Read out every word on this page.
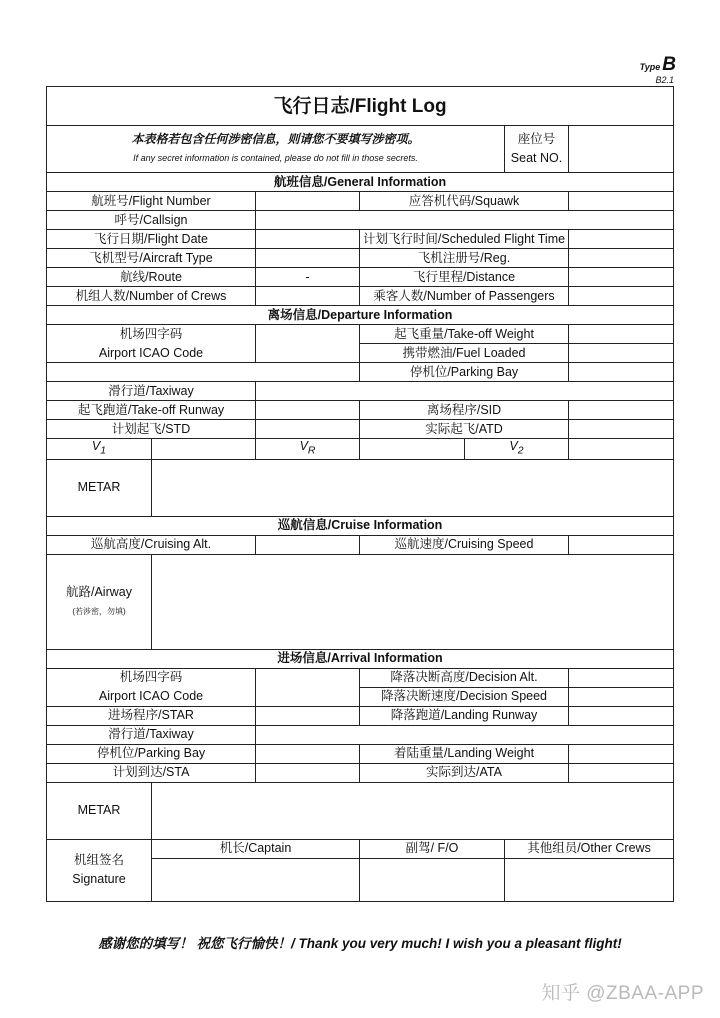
Type B
B2.1
飞行日志/Flight Log						

本表格若包含任何涉密信息，则请您不要填写涉密项。
If any secret information is contained, please do not fill in those secrets.					座位号
Seat NO.	

航班信息/General Information						
航班号/Flight Number			应答机代码/Squawk			
呼号/Callsign						
飞行日期/Flight Date			计划飞行时间/Scheduled Flight Time			
飞机型号/Aircraft Type			飞机注册号/Reg.			
航线/Route		-	飞行里程/Distance			
机组人数/Number of Crews			乘客人数/Number of Passengers			
离场信息/Departure Information						

机场四字码
Airport ICAO Code			起飞重量/Take-off Weight			
			携带燃油/Fuel Loaded			
			停机位/Parking Bay			
滑行道/Taxiway						
起飞跑道/Take-off Runway			离场程序/SID			
计划起飞/STD			实际起飞/ATD			
$V_1$		$V_R$		$V_2$	
METAR						
巡航信息/Cruise Information						
巡航高度/Cruising Alt.			巡航速度/Cruising Speed			

航路/Airway
(若涉密，勿填)						

进场信息/Arrival Information						

机场四字码
Airport ICAO Code			降落决断高度/Decision Alt.			
			降落决断速度/Decision Speed			
进场程序/STAR			降落跑道/Landing Runway			
滑行道/Taxiway						
停机位/Parking Bay			着陆重量/Landing Weight			
计划到达/STA			实际到达/ATA			
METAR						

机组签名
Signature	机长/Captain		副驾/ F/O		其他组员/Other Crews	

感谢您的填写！ 祝您飞行愉快！/ Thank you very much! I wish you a pleasant flight!
知乎 @ZBAA-APP
